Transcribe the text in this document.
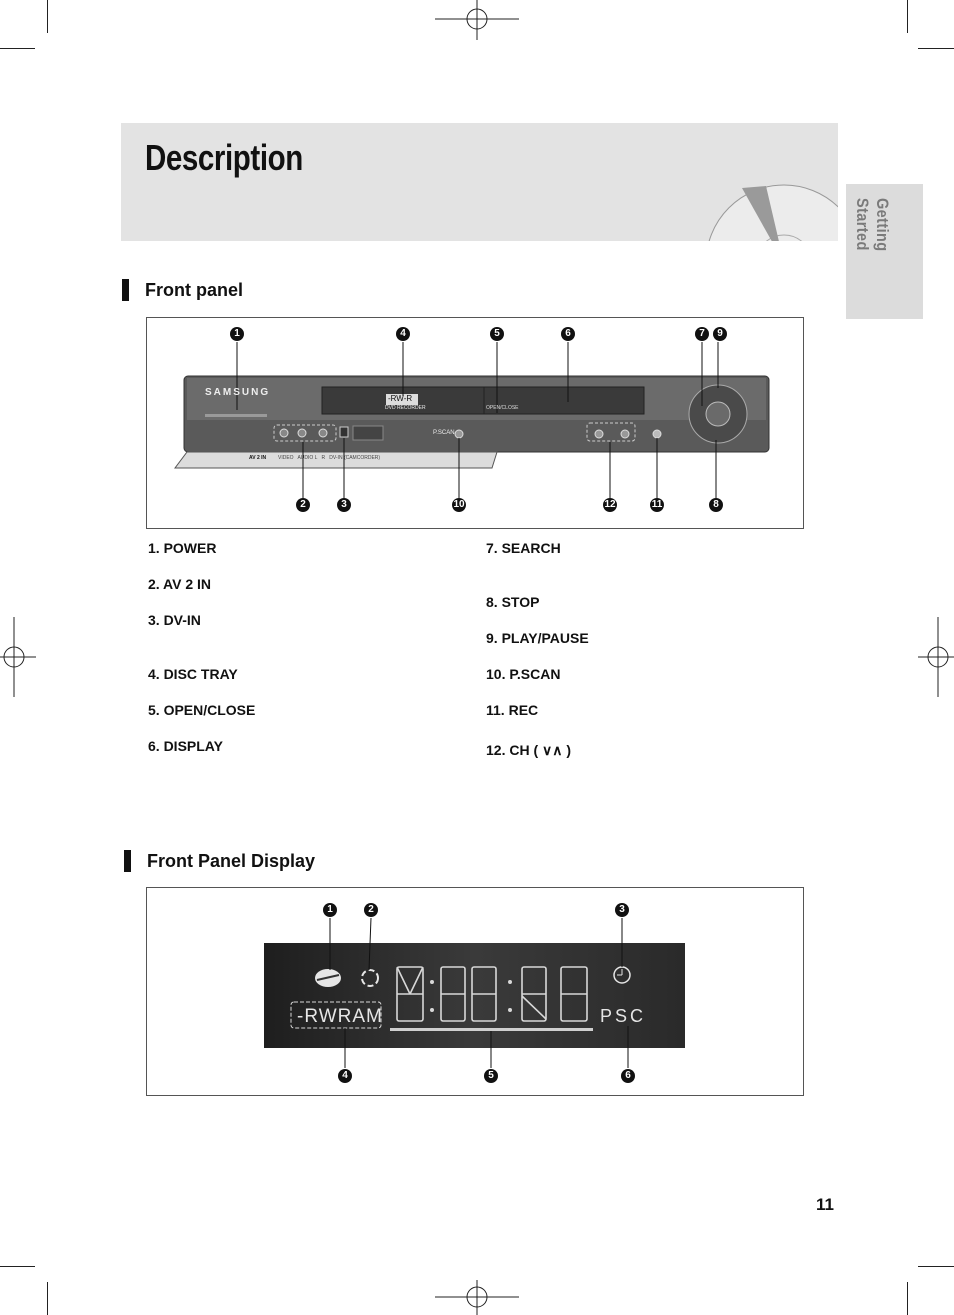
Description
Getting Started
Front panel
SAMSUNG
-RW-R
DVD RECORDER	OPEN/CLOSE
P.SCAN
AV 2 IN VIDEO   AUDIO L   R   DV-IN (CAMCORDER)
1	4	5	6	7	9
2	3	10	12	11	8
1. POWER
2. AV 2 IN
3. DV-IN
4. DISC TRAY
5. OPEN/CLOSE
6. DISPLAY
7. SEARCH
8. STOP
9. PLAY/PAUSE
10. P.SCAN
11. REC
12. CH ( ∨∧ )
Front Panel Display
-RWRAM	PSC
1	2	3
4	5	6
11
